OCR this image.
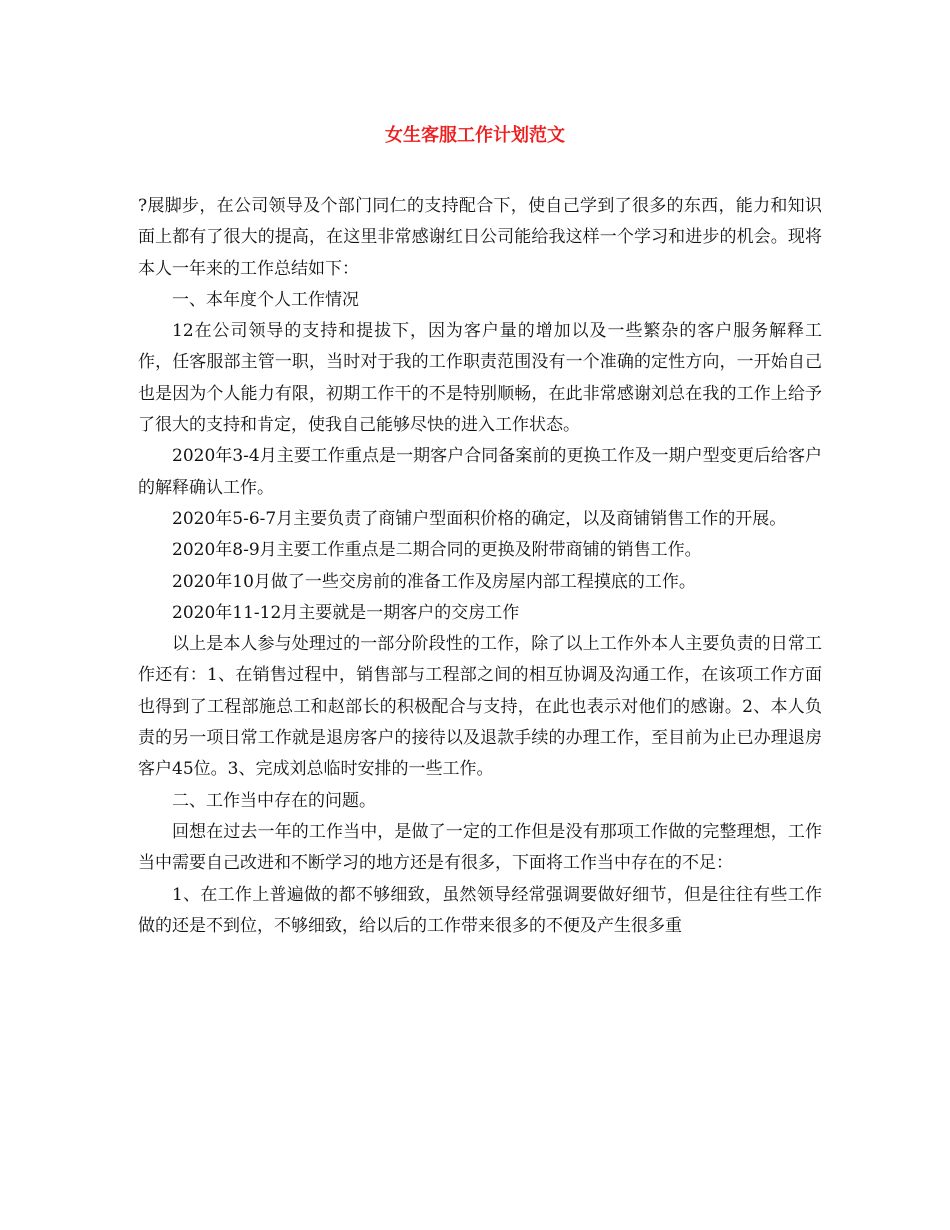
女生客服工作计划范文

?展脚步，在公司领导及个部门同仁的支持配合下，使自己学到了很多的东西，能力和知识面上都有了很大的提高，在这里非常感谢红日公司能给我这样一个学习和进步的机会。现将本人一年来的工作总结如下：

一、本年度个人工作情况

12在公司领导的支持和提拔下，因为客户量的增加以及一些繁杂的客户服务解释工作，任客服部主管一职，当时对于我的工作职责范围没有一个准确的定性方向，一开始自己也是因为个人能力有限，初期工作干的不是特别顺畅，在此非常感谢刘总在我的工作上给予了很大的支持和肯定，使我自己能够尽快的进入工作状态。

2020年3-4月主要工作重点是一期客户合同备案前的更换工作及一期户型变更后给客户的解释确认工作。

2020年5-6-7月主要负责了商铺户型面积价格的确定，以及商铺销售工作的开展。

2020年8-9月主要工作重点是二期合同的更换及附带商铺的销售工作。

2020年10月做了一些交房前的准备工作及房屋内部工程摸底的工作。

2020年11-12月主要就是一期客户的交房工作

以上是本人参与处理过的一部分阶段性的工作，除了以上工作外本人主要负责的日常工作还有：1、在销售过程中，销售部与工程部之间的相互协调及沟通工作，在该项工作方面也得到了工程部施总工和赵部长的积极配合与支持，在此也表示对他们的感谢。2、本人负责的另一项日常工作就是退房客户的接待以及退款手续的办理工作，至目前为止已办理退房客户45位。3、完成刘总临时安排的一些工作。

二、工作当中存在的问题。

回想在过去一年的工作当中，是做了一定的工作但是没有那项工作做的完整理想，工作当中需要自己改进和不断学习的地方还是有很多，下面将工作当中存在的不足：

1、在工作上普遍做的都不够细致，虽然领导经常强调要做好细节，但是往往有些工作做的还是不到位，不够细致，给以后的工作带来很多的不便及产生很多重
